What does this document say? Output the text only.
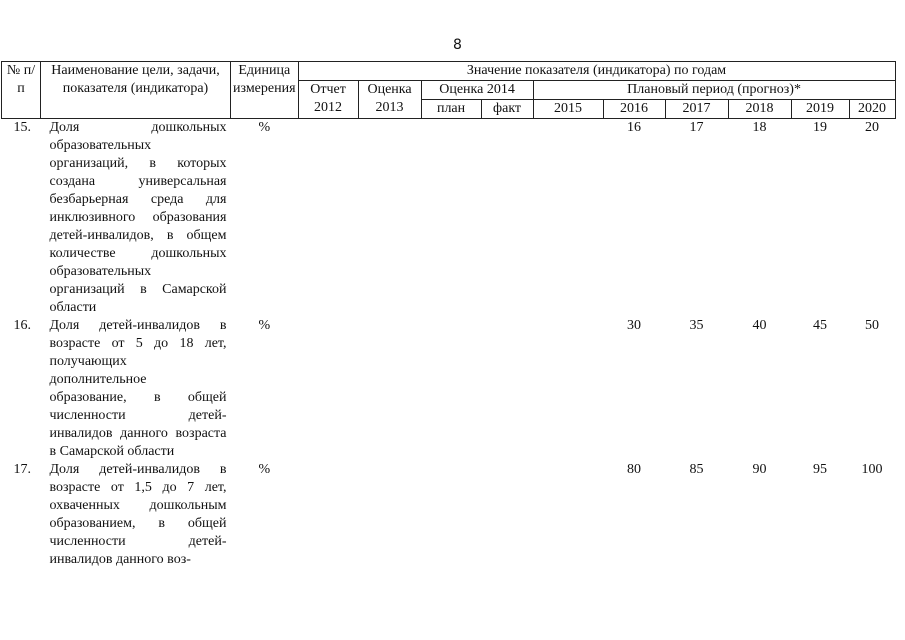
8
№ п/п	Наименование цели, задачи, показателя (индикатора)	Единица измерения	Значение показателя (индикатора) по годам									
			Отчет 2012	Оценка 2013	Оценка 2014		Плановый период (прогноз)*					
					план	факт	2015	2016	2017	2018	2019	2020
15.	Доля дошкольных образовательных организаций, в которых создана универсальная безбарьерная среда для инклюзивного образования детей-инвалидов, в общем количестве дошкольных образовательных организаций в Самарской области	%						16	17	18	19	20
16.	Доля детей-инвалидов в возрасте от 5 до 18 лет, получающих дополнительное образование, в общей численности детей-инвалидов данного возраста в Самарской области	%						30	35	40	45	50
17.	Доля детей-инвалидов в возрасте от 1,5 до 7 лет, охваченных дошкольным образованием, в общей численности детей-инвалидов данного воз-	%						80	85	90	95	100
